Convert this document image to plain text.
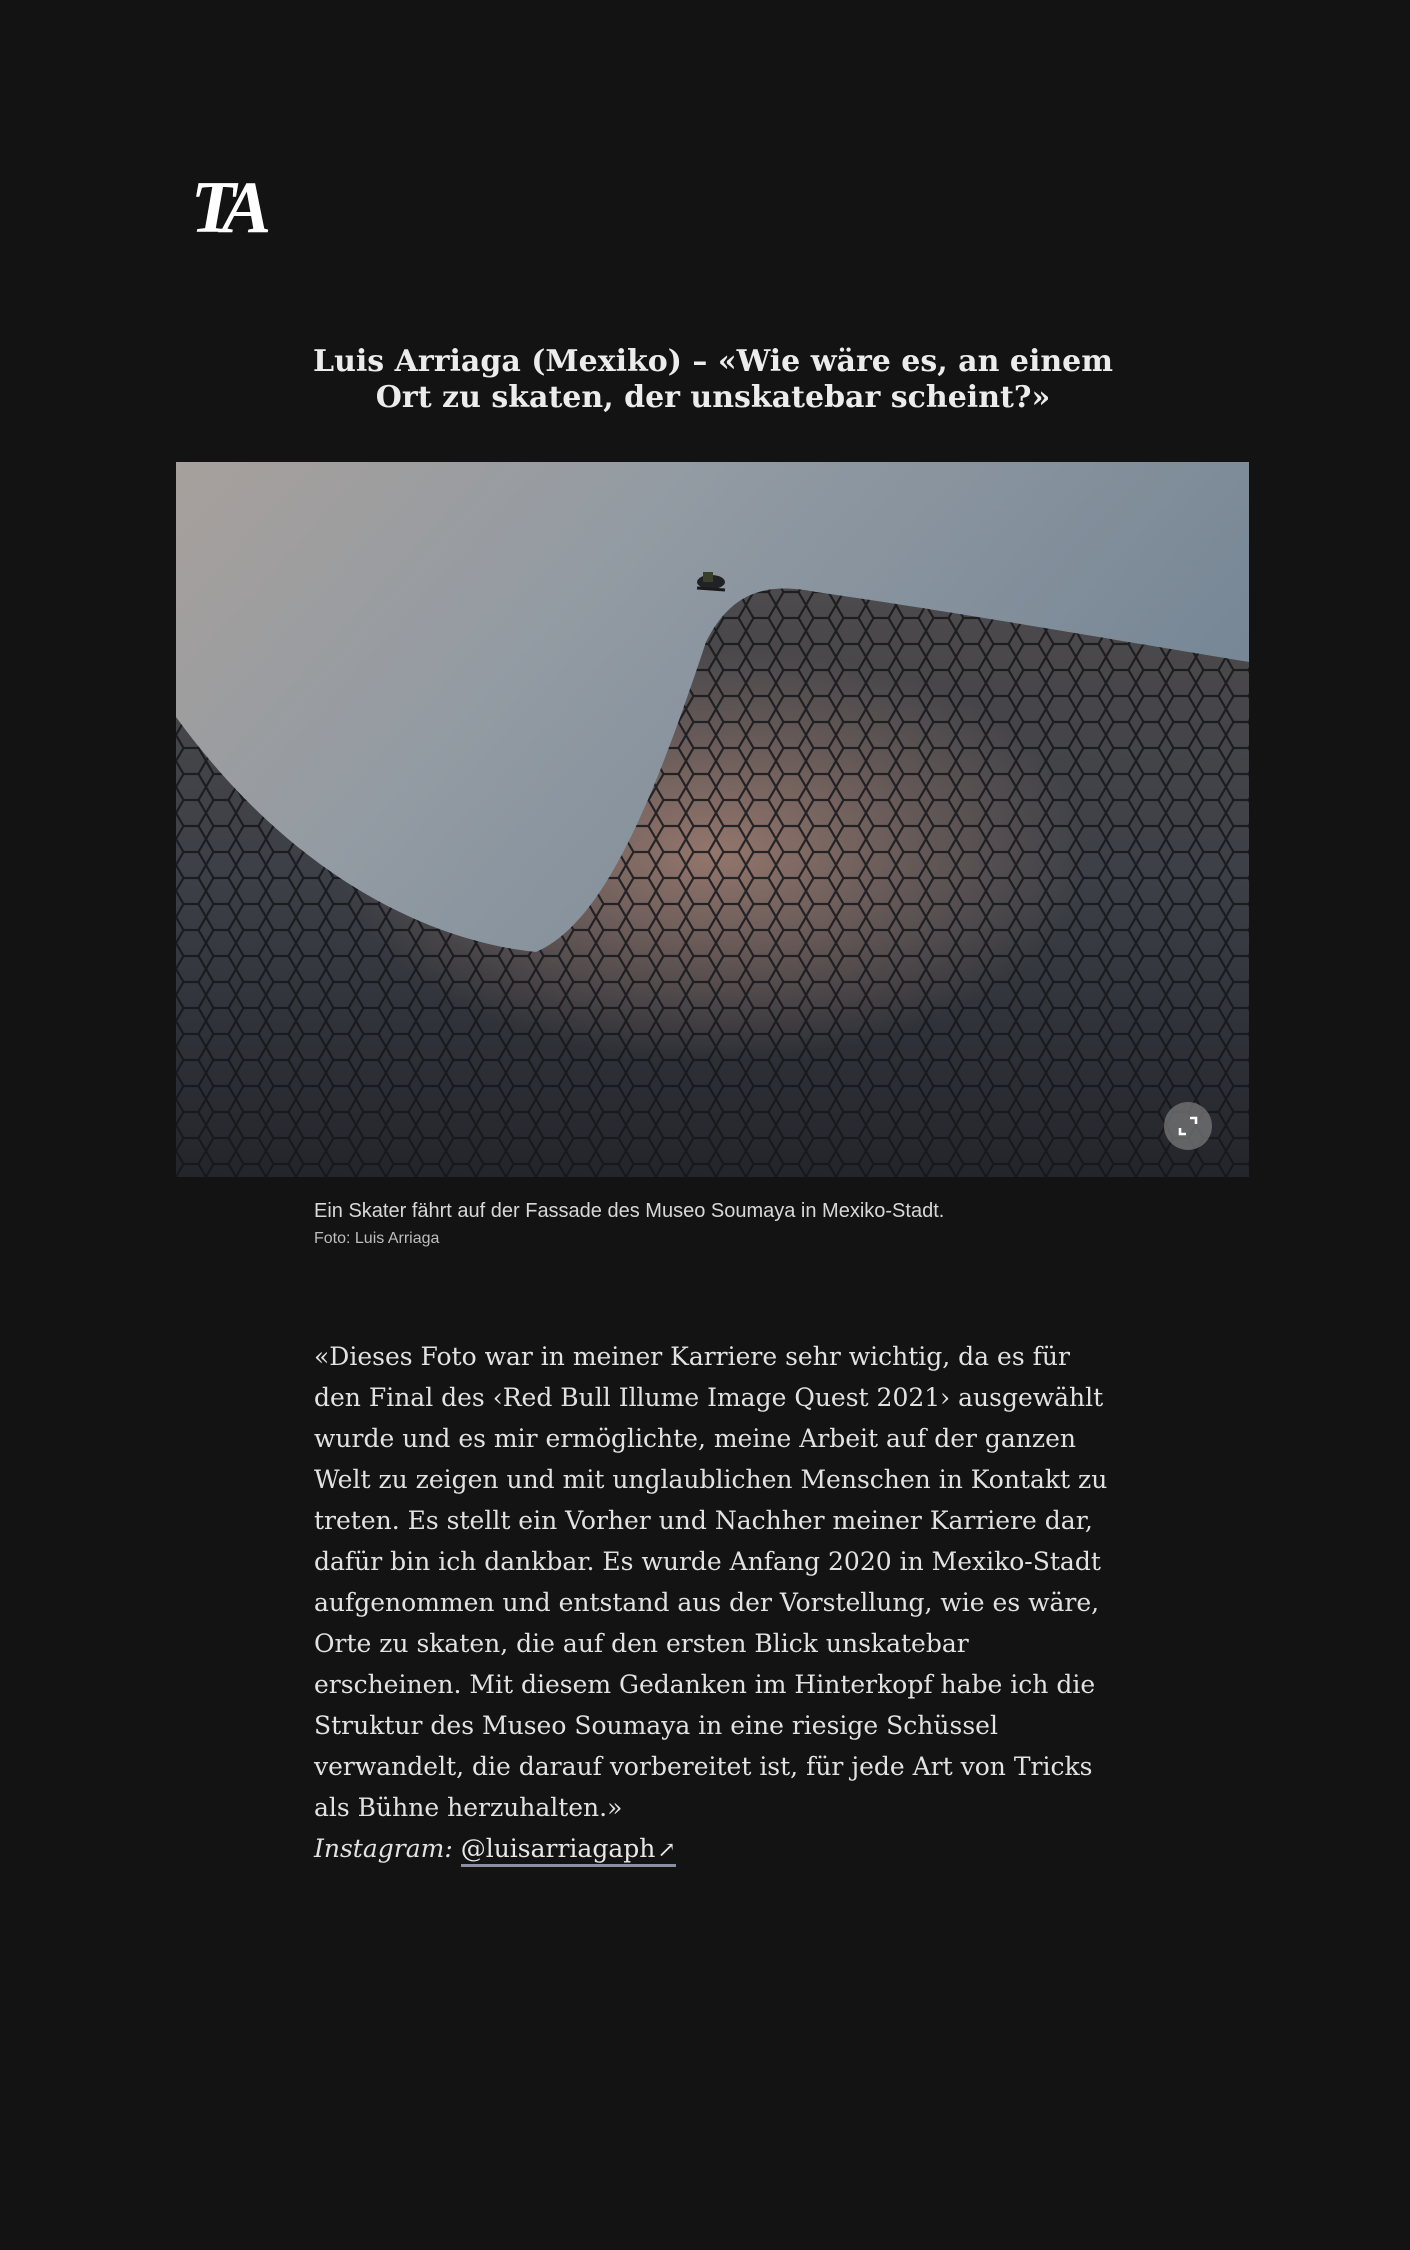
TA
Luis Arriaga (Mexiko) – «Wie wäre es, an einem Ort zu skaten, der unskatebar scheint?»
Ein Skater fährt auf der Fassade des Museo Soumaya in Mexiko-Stadt.
Foto: Luis Arriaga

«Dieses Foto war in meiner Karriere sehr wichtig, da es für den Final des ‹Red Bull Illume Image Quest 2021› ausgewählt wurde und es mir ermöglichte, meine Arbeit auf der ganzen Welt zu zeigen und mit unglaublichen Menschen in Kontakt zu treten. Es stellt ein Vorher und Nachher meiner Karriere dar, dafür bin ich dankbar. Es wurde Anfang 2020 in Mexiko-Stadt aufgenommen und entstand aus der Vorstellung, wie es wäre, Orte zu skaten, die auf den ersten Blick unskatebar erscheinen. Mit diesem Gedanken im Hinterkopf habe ich die Struktur des Museo Soumaya in eine riesige Schüssel verwandelt, die darauf vorbereitet ist, für jede Art von Tricks als Bühne herzuhalten.»

Instagram: @luisarriagaph↗
